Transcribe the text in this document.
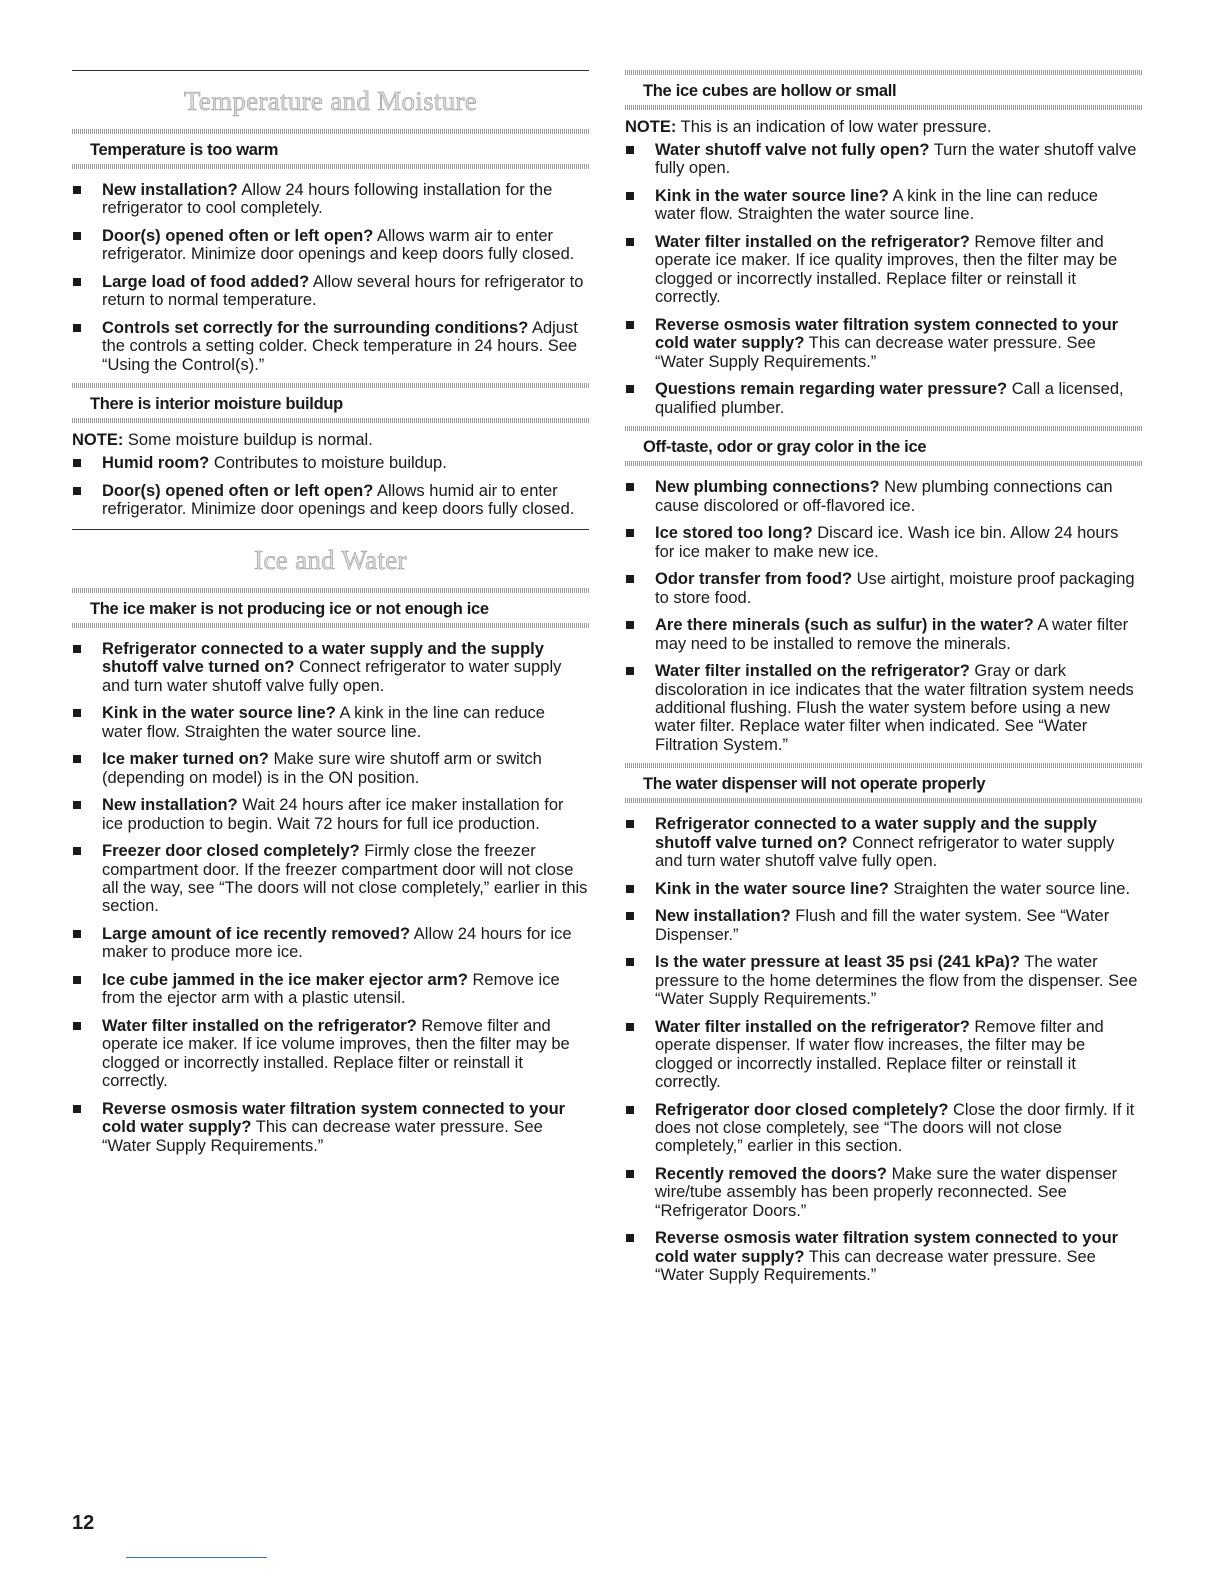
Temperature and Moisture
Temperature is too warm
New installation? Allow 24 hours following installation for the refrigerator to cool completely.
Door(s) opened often or left open? Allows warm air to enter refrigerator. Minimize door openings and keep doors fully closed.
Large load of food added? Allow several hours for refrigerator to return to normal temperature.
Controls set correctly for the surrounding conditions? Adjust the controls a setting colder. Check temperature in 24 hours. See “Using the Control(s).”
There is interior moisture buildup
NOTE: Some moisture buildup is normal.
Humid room? Contributes to moisture buildup.
Door(s) opened often or left open? Allows humid air to enter refrigerator. Minimize door openings and keep doors fully closed.
Ice and Water
The ice maker is not producing ice or not enough ice
Refrigerator connected to a water supply and the supply shutoff valve turned on? Connect refrigerator to water supply and turn water shutoff valve fully open.
Kink in the water source line? A kink in the line can reduce water flow. Straighten the water source line.
Ice maker turned on? Make sure wire shutoff arm or switch (depending on model) is in the ON position.
New installation? Wait 24 hours after ice maker installation for ice production to begin. Wait 72 hours for full ice production.
Freezer door closed completely? Firmly close the freezer compartment door. If the freezer compartment door will not close all the way, see “The doors will not close completely,” earlier in this section.
Large amount of ice recently removed? Allow 24 hours for ice maker to produce more ice.
Ice cube jammed in the ice maker ejector arm? Remove ice from the ejector arm with a plastic utensil.
Water filter installed on the refrigerator? Remove filter and operate ice maker. If ice volume improves, then the filter may be clogged or incorrectly installed. Replace filter or reinstall it correctly.
Reverse osmosis water filtration system connected to your cold water supply? This can decrease water pressure. See “Water Supply Requirements.”
The ice cubes are hollow or small
NOTE: This is an indication of low water pressure.
Water shutoff valve not fully open? Turn the water shutoff valve fully open.
Kink in the water source line? A kink in the line can reduce water flow. Straighten the water source line.
Water filter installed on the refrigerator? Remove filter and operate ice maker. If ice quality improves, then the filter may be clogged or incorrectly installed. Replace filter or reinstall it correctly.
Reverse osmosis water filtration system connected to your cold water supply? This can decrease water pressure. See “Water Supply Requirements.”
Questions remain regarding water pressure? Call a licensed, qualified plumber.
Off-taste, odor or gray color in the ice
New plumbing connections? New plumbing connections can cause discolored or off-flavored ice.
Ice stored too long? Discard ice. Wash ice bin. Allow 24 hours for ice maker to make new ice.
Odor transfer from food? Use airtight, moisture proof packaging to store food.
Are there minerals (such as sulfur) in the water? A water filter may need to be installed to remove the minerals.
Water filter installed on the refrigerator? Gray or dark discoloration in ice indicates that the water filtration system needs additional flushing. Flush the water system before using a new water filter. Replace water filter when indicated. See “Water Filtration System.”
The water dispenser will not operate properly
Refrigerator connected to a water supply and the supply shutoff valve turned on? Connect refrigerator to water supply and turn water shutoff valve fully open.
Kink in the water source line? Straighten the water source line.
New installation? Flush and fill the water system. See “Water Dispenser.”
Is the water pressure at least 35 psi (241 kPa)? The water pressure to the home determines the flow from the dispenser. See “Water Supply Requirements.”
Water filter installed on the refrigerator? Remove filter and operate dispenser. If water flow increases, the filter may be clogged or incorrectly installed. Replace filter or reinstall it correctly.
Refrigerator door closed completely? Close the door firmly. If it does not close completely, see “The doors will not close completely,” earlier in this section.
Recently removed the doors? Make sure the water dispenser wire/tube assembly has been properly reconnected. See “Refrigerator Doors.”
Reverse osmosis water filtration system connected to your cold water supply? This can decrease water pressure. See “Water Supply Requirements.”
12
